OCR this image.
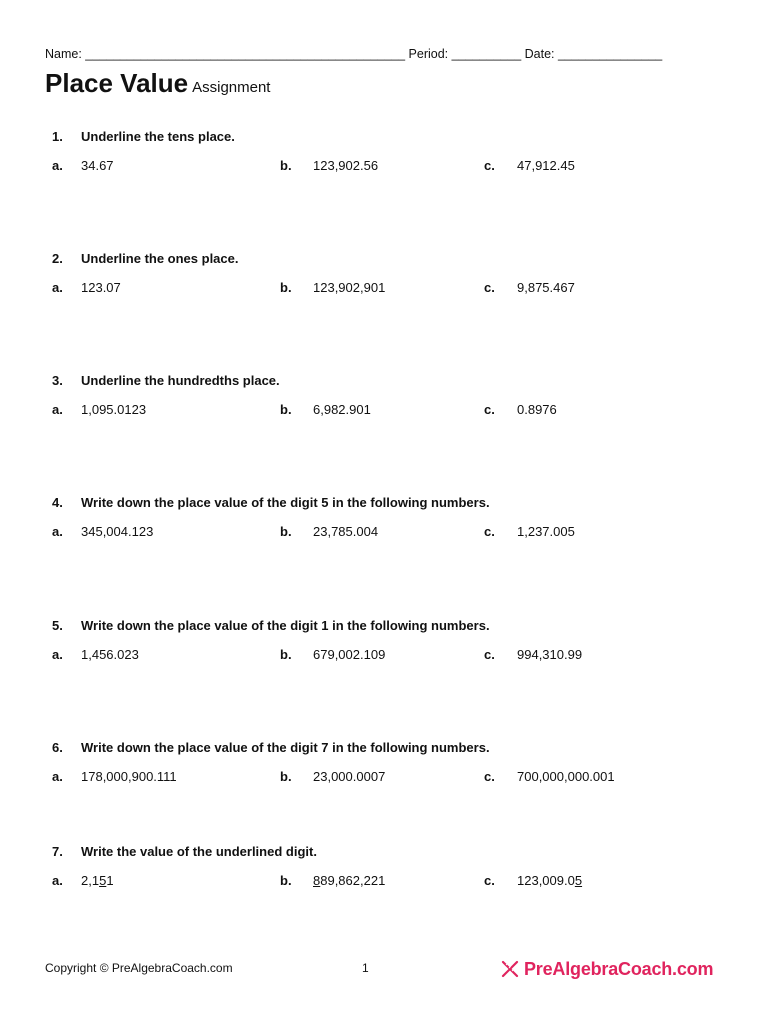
Name: ______________________________________________ Period: __________ Date: _______________
Place Value Assignment
1. Underline the tens place.
a. 34.67	b. 123,902.56	c. 47,912.45
2. Underline the ones place.
a. 123.07	b. 123,902,901	c. 9,875.467
3. Underline the hundredths place.
a. 1,095.0123	b. 6,982.901	c. 0.8976
4. Write down the place value of the digit 5 in the following numbers.
a. 345,004.123	b. 23,785.004	c. 1,237.005
5. Write down the place value of the digit 1 in the following numbers.
a. 1,456.023	b. 679,002.109	c. 994,310.99
6. Write down the place value of the digit 7 in the following numbers.
a. 178,000,900.111	b. 23,000.0007	c. 700,000,000.001
7. Write the value of the underlined digit.
a. 2,151	b. 889,862,221	c. 123,009.05
Copyright © PreAlgebraCoach.com	1	PreAlgebraCoach.com
